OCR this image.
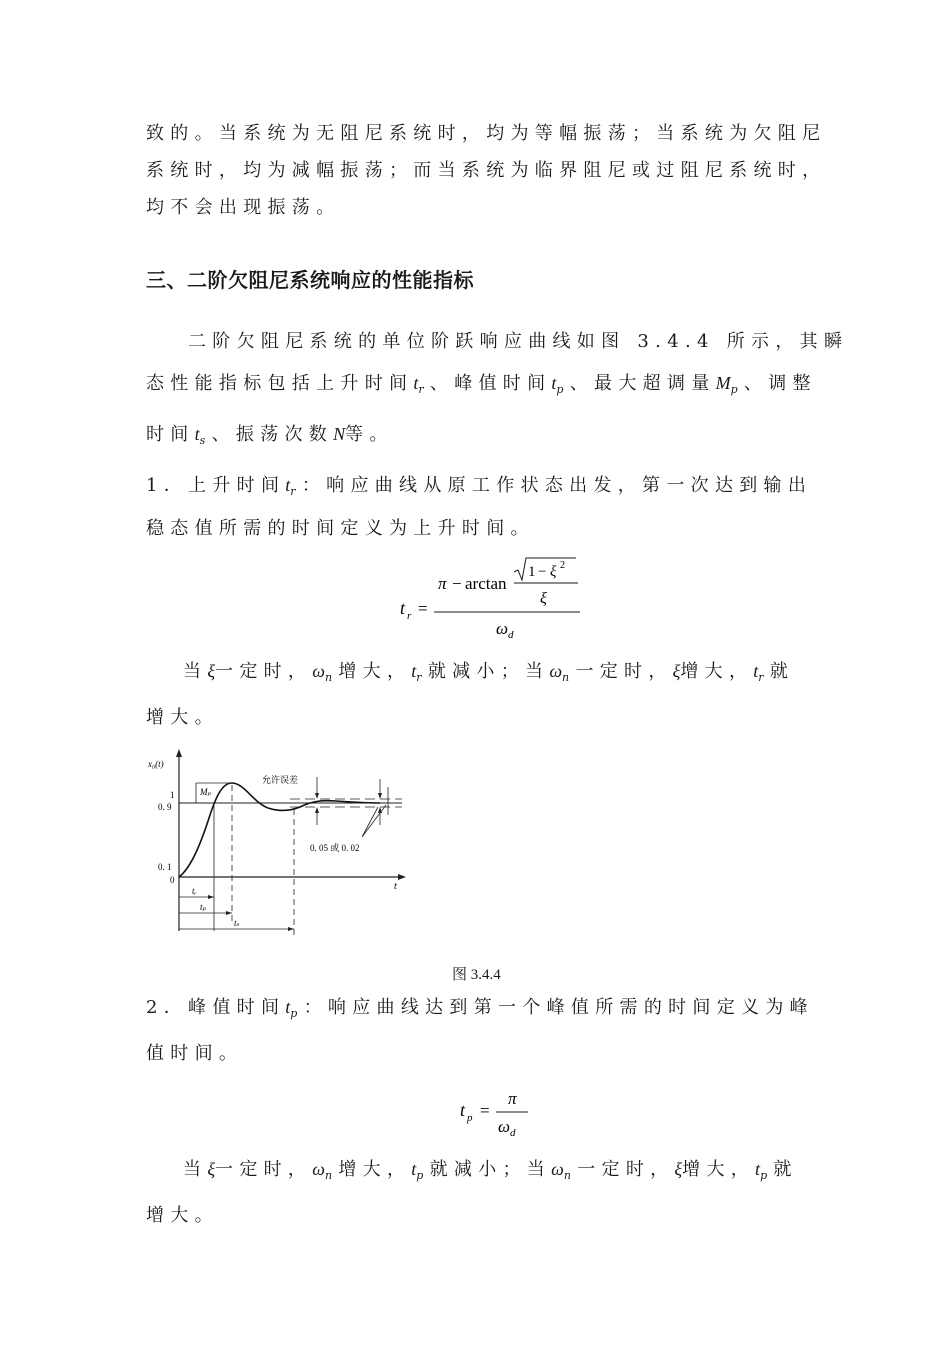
致的。当系统为无阻尼系统时，均为等幅振荡；当系统为欠阻尼
系统时，均为减幅振荡；而当系统为临界阻尼或过阻尼系统时，
均不会出现振荡。
三、二阶欠阻尼系统响应的性能指标
二阶欠阻尼系统的单位阶跃响应曲线如图 3.4.4 所示，其瞬
态性能指标包括上升时间$t_r$、峰值时间$t_p$、最大超调量$M_p$、调整
时间$t_s$、振荡次数N等。
1．上升时间$t_r$：响应曲线从原工作状态出发，第一次达到输出
稳态值所需的时间定义为上升时间。
t r =
π − arctan
1 − ξ 2
ξ
ω d
当ξ一定时，$\omega_n$增大，$t_r$就减小；当$\omega_n$一定时，ξ增大，$t_r$就
增大。
x₀(t)
t
1
0. 9
0. 1
0
Mₚ
允许误差
0. 05 或 0. 02
tᵣ
tₚ
tₛ
图 3.4.4
2．峰值时间$t_p$：响应曲线达到第一个峰值所需的时间定义为峰
值时间。
t p =
π
ω d
当ξ一定时，$\omega_n$增大，$t_p$就减小；当$\omega_n$一定时，ξ增大，$t_p$就
增大。
